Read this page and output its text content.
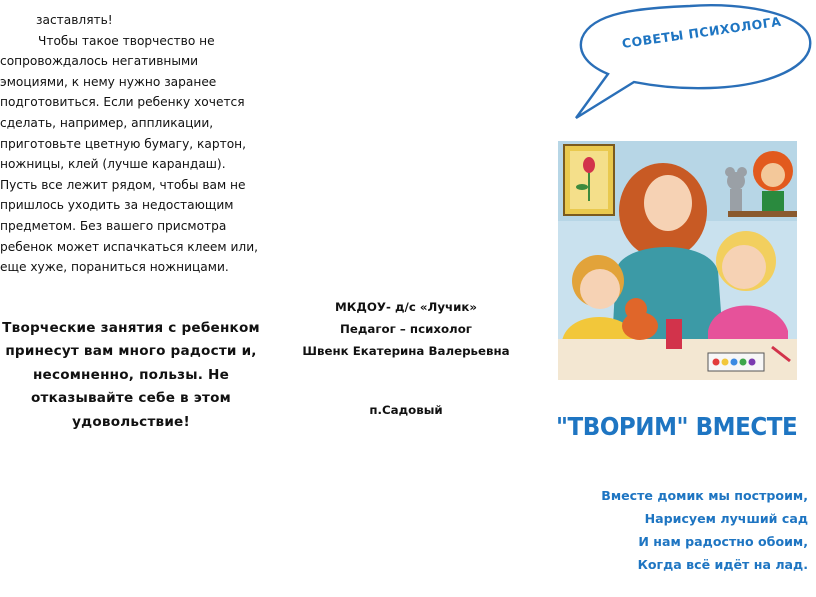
заставлять!

Чтобы такое творчество не сопровождалось негативными эмоциями, к нему нужно заранее подготовиться. Если ребенку хочется сделать, например, аппликации, приготовьте цветную бумагу, картон, ножницы, клей (лучше карандаш). Пусть все лежит рядом, чтобы вам не пришлось уходить за недостающим предметом. Без вашего присмотра ребенок может испачкаться клеем или, еще хуже, пораниться ножницами.

Творческие занятия с ребенком принесут вам много радости и, несомненно, пользы. Не отказывайте себе в этом удовольствие!

МКДОУ- д/с «Лучик»
Педагог – психолог
Швенк Екатерина Валерьевна
п.Садовый
СОВЕТЫ ПСИХОЛОГА
"ТВОРИМ" ВМЕСТЕ
Вместе домик мы построим,
Нарисуем лучший сад
И нам радостно обоим,
Когда всё идёт на лад.
